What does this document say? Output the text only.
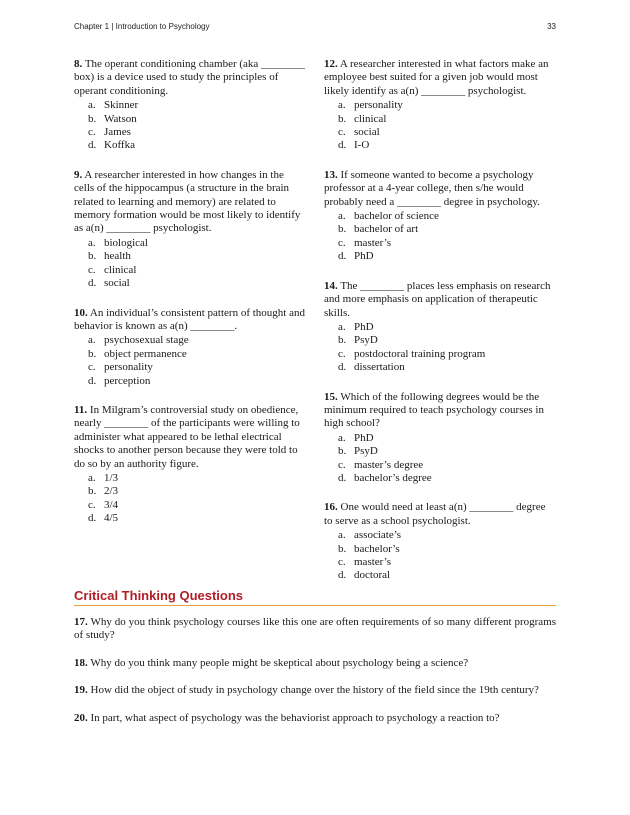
Chapter 1 | Introduction to Psychology	33

8. The operant conditioning chamber (aka ________ box) is a device used to study the principles of operant conditioning.

a. Skinner
b. Watson
c. James
d. Koffka

9. A researcher interested in how changes in the cells of the hippocampus (a structure in the brain related to learning and memory) are related to memory formation would be most likely to identify as a(n) ________ psychologist.

a. biological
b. health
c. clinical
d. social

10. An individual’s consistent pattern of thought and behavior is known as a(n) ________.

a. psychosexual stage
b. object permanence
c. personality
d. perception

11. In Milgram’s controversial study on obedience, nearly ________ of the participants were willing to administer what appeared to be lethal electrical shocks to another person because they were told to do so by an authority figure.

a. 1/3
b. 2/3
c. 3/4
d. 4/5

12. A researcher interested in what factors make an employee best suited for a given job would most likely identify as a(n) ________ psychologist.

a. personality
b. clinical
c. social
d. I-O

13. If someone wanted to become a psychology professor at a 4-year college, then s/he would probably need a ________ degree in psychology.

a. bachelor of science
b. bachelor of art
c. master’s
d. PhD

14. The ________ places less emphasis on research and more emphasis on application of therapeutic skills.

a. PhD
b. PsyD
c. postdoctoral training program
d. dissertation

15. Which of the following degrees would be the minimum required to teach psychology courses in high school?

a. PhD
b. PsyD
c. master’s degree
d. bachelor’s degree

16. One would need at least a(n) ________ degree to serve as a school psychologist.

a. associate’s
b. bachelor’s
c. master’s
d. doctoral
Critical Thinking Questions

17. Why do you think psychology courses like this one are often requirements of so many different programs of study?

18. Why do you think many people might be skeptical about psychology being a science?

19. How did the object of study in psychology change over the history of the field since the 19th century?

20. In part, what aspect of psychology was the behaviorist approach to psychology a reaction to?
